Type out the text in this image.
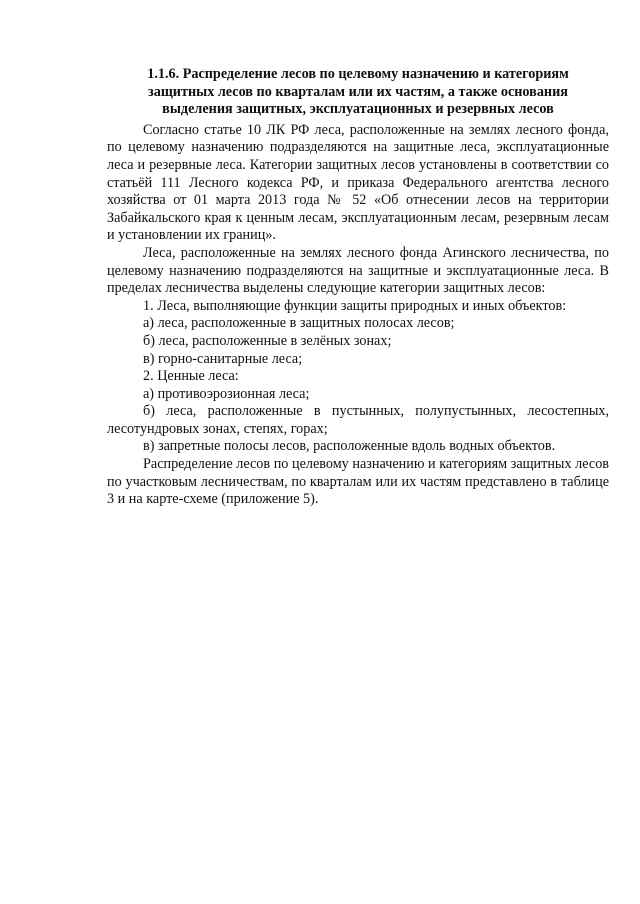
1.1.6. Распределение лесов по целевому назначению и категориям
защитных лесов по кварталам или их частям, а также основания
выделения защитных, эксплуатационных и резервных лесов

Согласно статье 10 ЛК РФ леса, расположенные на землях лесного фонда, по целевому назначению подразделяются на защитные леса, эксплуатационные леса и резервные леса. Категории защитных лесов установлены в соответствии со статьёй 111 Лесного кодекса РФ, и приказа Федерального агентства лесного хозяйства от 01 марта 2013 года № 52 «Об отнесении лесов на территории Забайкальского края к ценным лесам, эксплуатационным лесам, резервным лесам и установлении их границ».

Леса, расположенные на землях лесного фонда Агинского лесничества, по целевому назначению подразделяются на защитные и эксплуатационные леса. В пределах лесничества выделены следующие категории защитных лесов:

1. Леса, выполняющие функции защиты природных и иных объектов:

а) леса, расположенные в защитных полосах лесов;

б) леса, расположенные в зелёных зонах;

в) горно-санитарные леса;

2. Ценные леса:

а) противоэрозионная леса;

б) леса, расположенные в пустынных, полупустынных, лесостепных, лесотундровых зонах, степях, горах;

в) запретные полосы лесов, расположенные вдоль водных объектов.

Распределение лесов по целевому назначению и категориям защитных лесов по участковым лесничествам, по кварталам или их частям представлено в таблице 3 и на карте-схеме (приложение 5).
